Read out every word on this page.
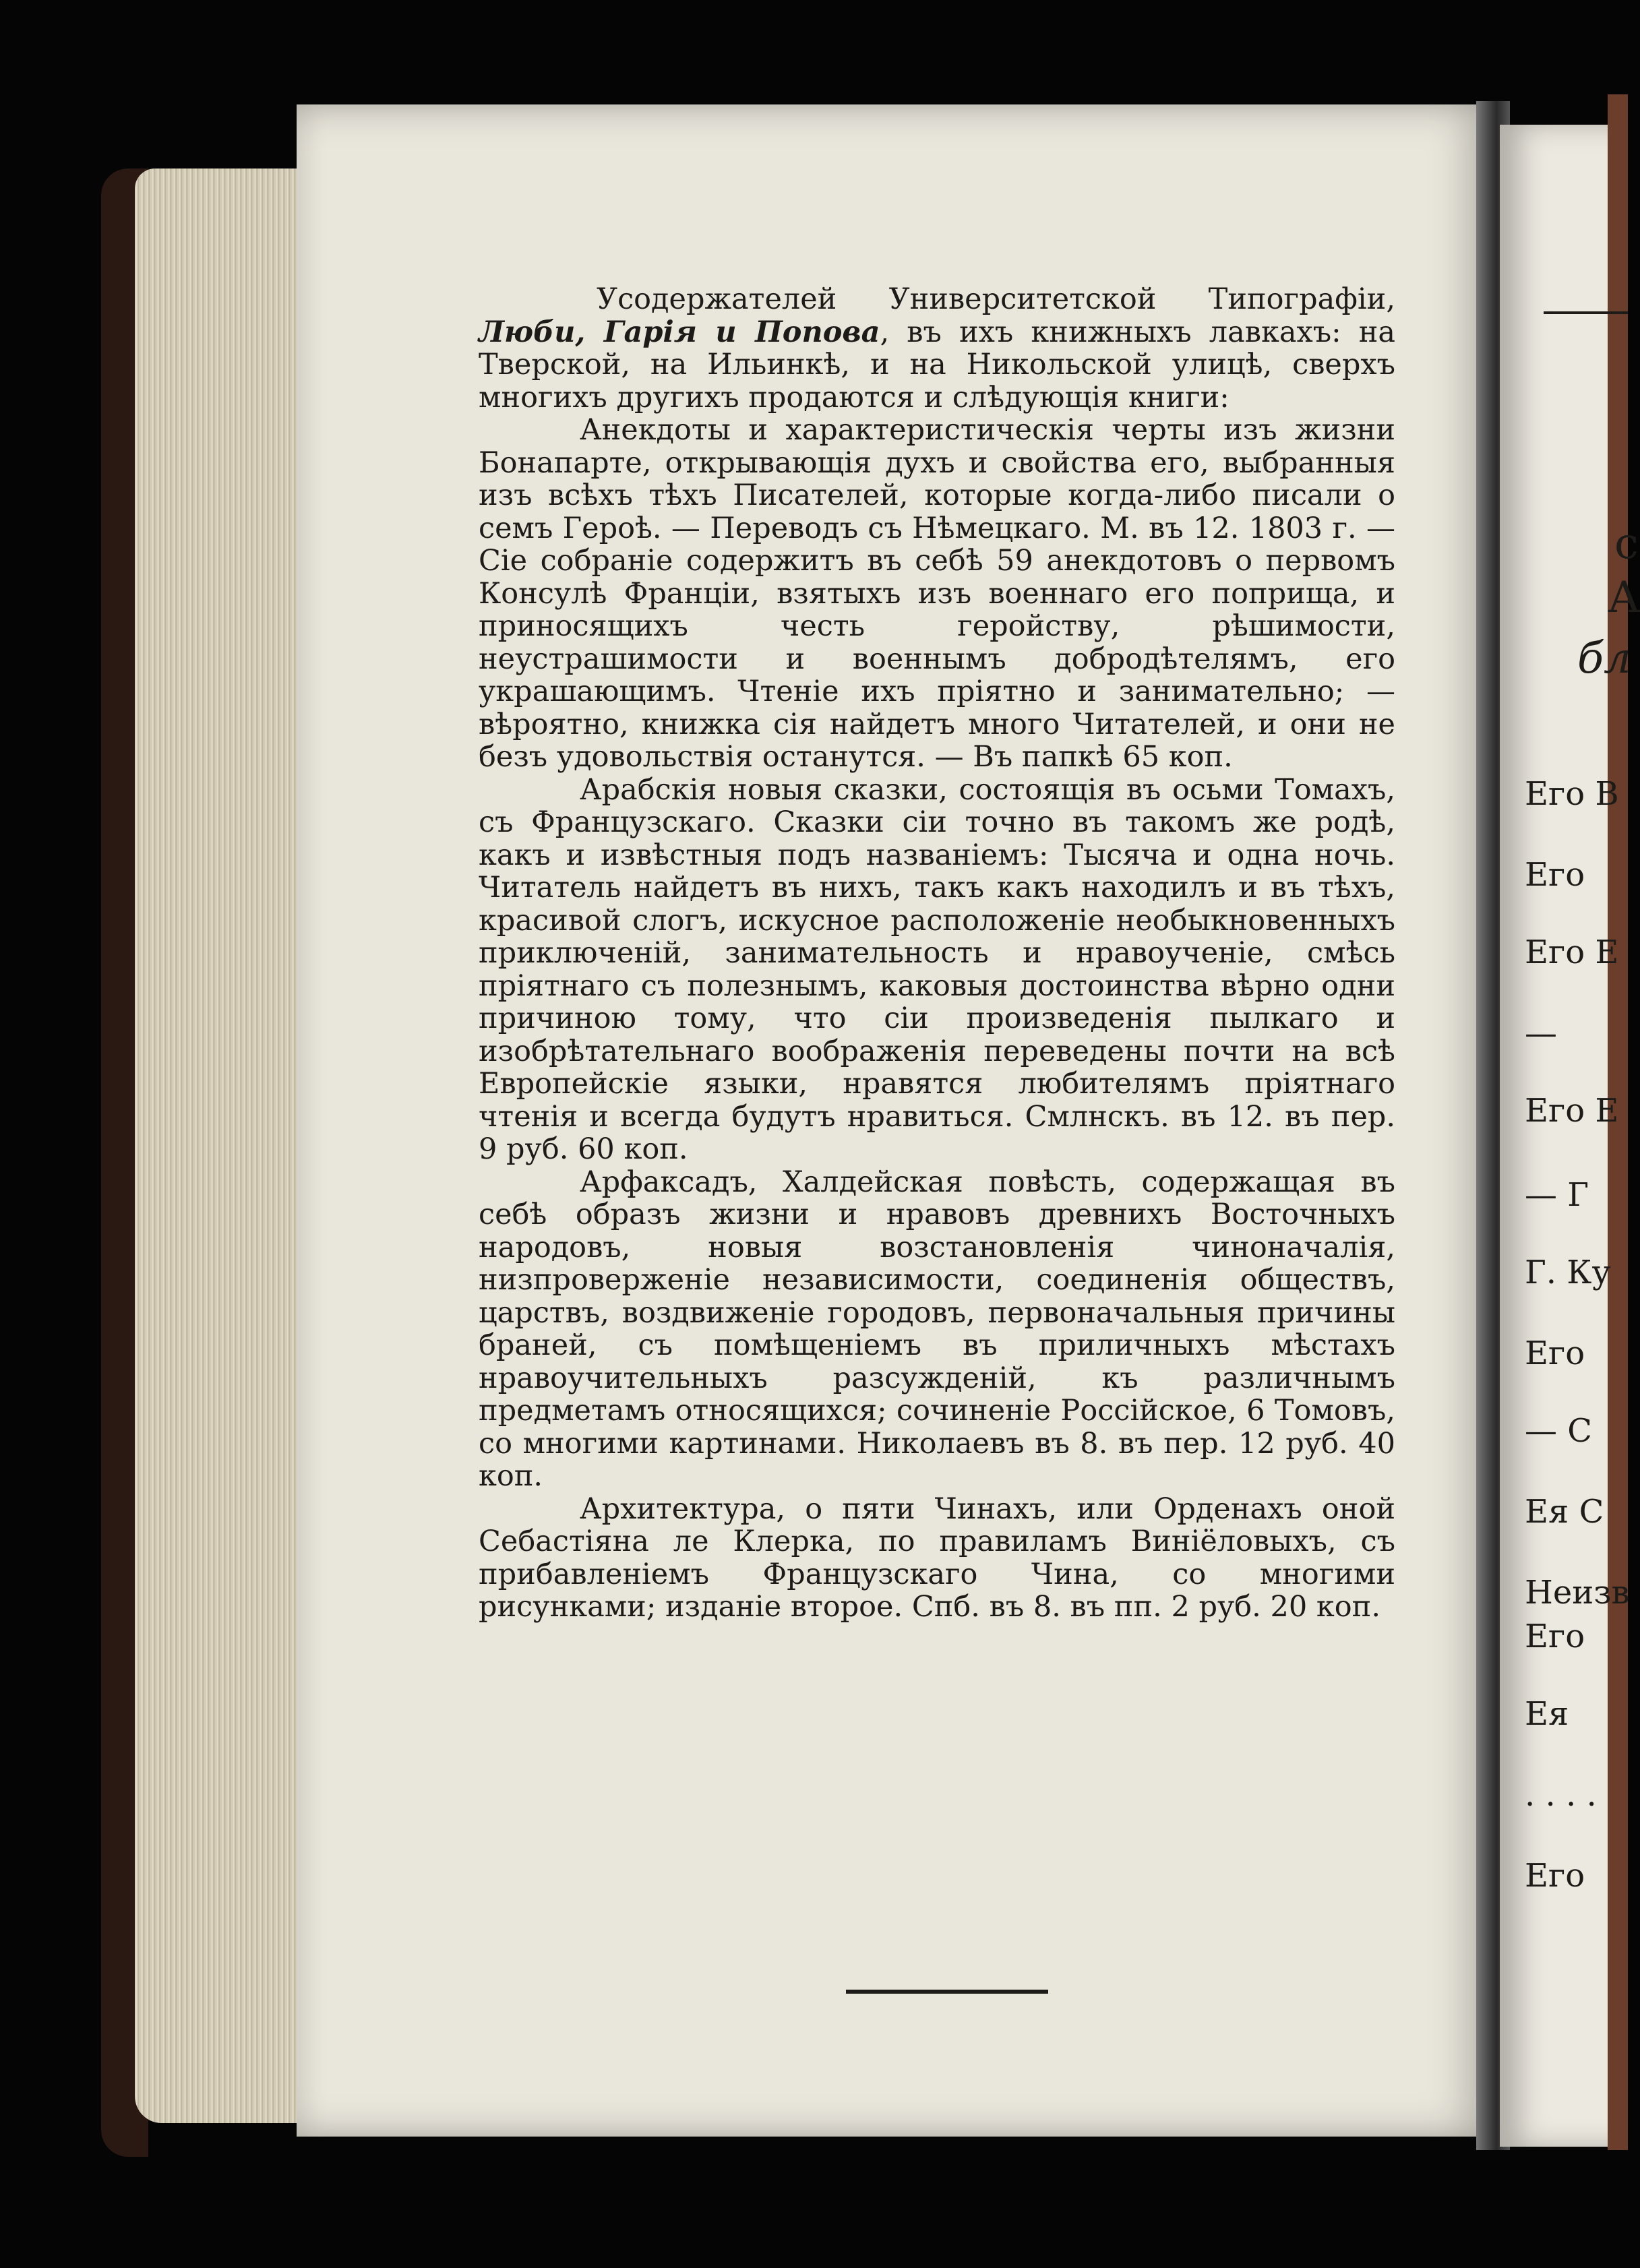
Усодержателей Университетской Типографіи, Люби, Гарія и Попова, въ ихъ книжныхъ лавкахъ: на Тверской, на Ильинкѣ, и на Никольской улицѣ, сверхъ многихъ другихъ продаются и слѣдующія книги:

Анекдоты и характеристическія черты изъ жизни Бонапарте, открывающія духъ и свойства его, выбранныя изъ всѣхъ тѣхъ Писателей, которые когда-либо писали о семъ Героѣ. — Переводъ съ Нѣмецкаго. М. въ 12. 1803 г. — Сіе собраніе содержитъ въ себѣ 59 анекдотовъ о первомъ Консулѣ Франціи, взятыхъ изъ военнаго его поприща, и приносящихъ честь геройству, рѣшимости, неустрашимости и военнымъ добродѣтелямъ, его украшающимъ. Чтеніе ихъ пріятно и занимательно; — вѣроятно, книжка сія найдетъ много Читателей, и они не безъ удовольствія останутся. — Въ папкѣ 65 коп.

Арабскія новыя сказки, состоящія въ осьми Томахъ, съ Французскаго. Сказки сіи точно въ такомъ же родѣ, какъ и извѣстныя подъ названіемъ: Тысяча и одна ночь. Читатель найдетъ въ нихъ, такъ какъ находилъ и въ тѣхъ, красивой слогъ, искусное расположеніе необыкновенныхъ приключеній, занимательность и нравоученіе, смѣсь пріятнаго съ полезнымъ, каковыя достоинства вѣрно одни причиною тому, что сіи произведенія пылкаго и изобрѣтательнаго воображенія переведены почти на всѣ Европейскіе языки, нравятся любителямъ пріятнаго чтенія и всегда будутъ нравиться. Смлнскъ. въ 12. въ пер. 9 руб. 60 коп.

Арфаксадъ, Халдейская повѣсть, содержащая въ себѣ образъ жизни и нравовъ древнихъ Восточныхъ народовъ, новыя возстановленія чиноначалія, низпроверженіе независимости, соединенія обществъ, царствъ, воздвиженіе городовъ, первоначальныя причины браней, съ помѣщеніемъ въ приличныхъ мѣстахъ нравоучительныхъ разсужденій, къ различнымъ предметамъ относящихся; сочиненіе Россійское, 6 Томовъ, со многими картинами. Николаевъ въ 8. въ пер. 12 руб. 40 коп.

Архитектура, о пяти Чинахъ, или Орденахъ оной Себастіяна ле Клерка, по правиламъ Виніёловыхъ, съ прибавленіемъ Французскаго Чина, со многими рисунками; изданіе второе. Спб. въ 8. въ пп. 2 руб. 20 коп.

с
А
бл
Его В
Его
Его Е
—
Его Е
— Г
Г. Ку
Его
— С
Ея С
Неизв
Его
Ея
. . . .
Его
